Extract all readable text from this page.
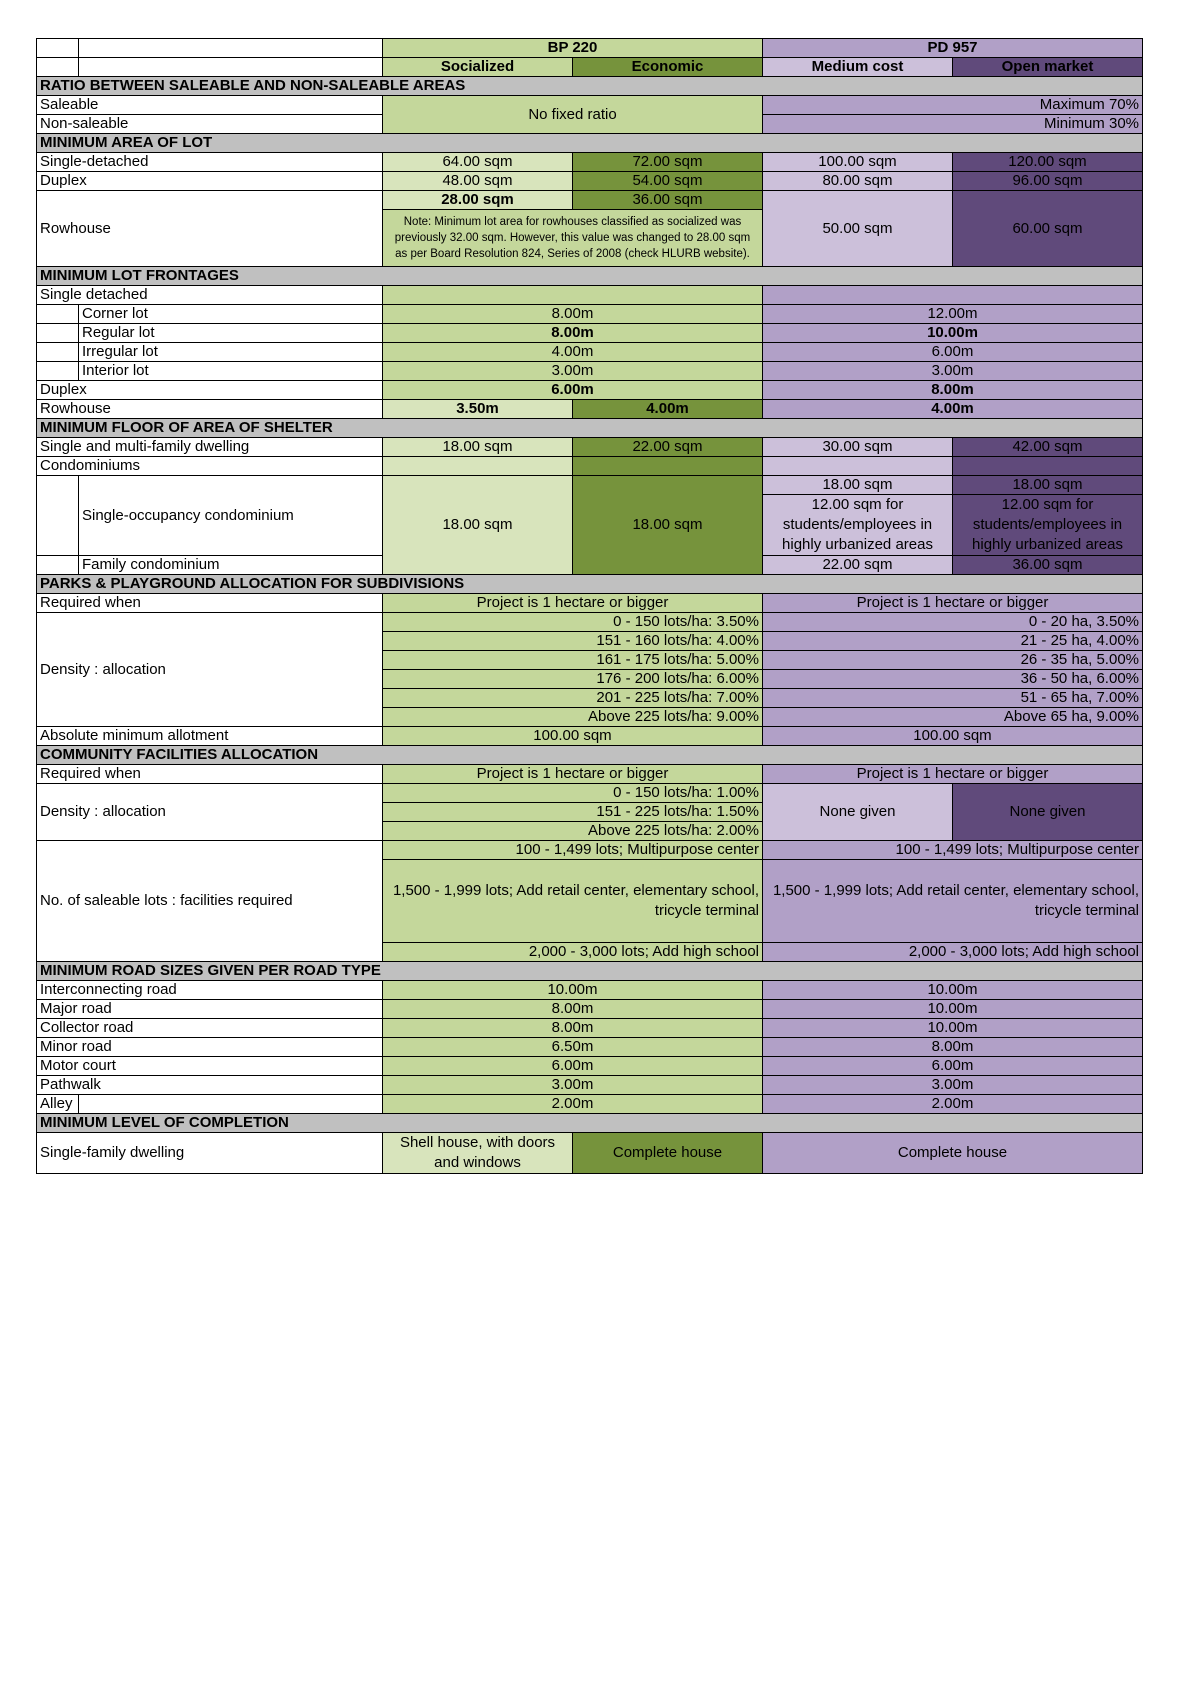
		BP 220		PD 957	
		Socialized	Economic	Medium cost	Open market
RATIO BETWEEN SALEABLE AND NON-SALEABLE AREAS					
Saleable		No fixed ratio		Maximum 70%	
Non-saleable				Minimum 30%	
MINIMUM AREA OF LOT					
Single-detached		64.00 sqm	72.00 sqm	100.00 sqm	120.00 sqm
Duplex		48.00 sqm	54.00 sqm	80.00 sqm	96.00 sqm
Rowhouse		28.00 sqm	36.00 sqm	50.00 sqm	60.00 sqm
		Note: Minimum lot area for rowhouses classified as socialized was previously 32.00 sqm. However, this value was changed to 28.00 sqm as per Board Resolution 824, Series of 2008 (check HLURB website).			
MINIMUM LOT FRONTAGES					
Single detached					
	Corner lot	8.00m		12.00m	
	Regular lot	8.00m		10.00m	
	Irregular lot	4.00m		6.00m	
	Interior lot	3.00m		3.00m	
Duplex		6.00m		8.00m	
Rowhouse		3.50m	4.00m	4.00m	
MINIMUM FLOOR OF AREA OF SHELTER					
Single and multi-family dwelling		18.00 sqm	22.00 sqm	30.00 sqm	42.00 sqm
Condominiums					
	Single-occupancy condominium	18.00 sqm	18.00 sqm	18.00 sqm	18.00 sqm
				12.00 sqm for students/employees in highly urbanized areas	12.00 sqm for students/employees in highly urbanized areas
	Family condominium			22.00 sqm	36.00 sqm
PARKS & PLAYGROUND ALLOCATION FOR SUBDIVISIONS					
Required when		Project is 1 hectare or bigger		Project is 1 hectare or bigger	
Density : allocation		0 - 150 lots/ha: 3.50%		0 - 20 ha, 3.50%	
		151 - 160 lots/ha: 4.00%		21 - 25 ha, 4.00%	
		161 - 175 lots/ha: 5.00%		26 - 35 ha, 5.00%	
		176 - 200 lots/ha: 6.00%		36 - 50 ha, 6.00%	
		201 - 225 lots/ha: 7.00%		51 - 65 ha, 7.00%	
		Above 225 lots/ha: 9.00%		Above 65 ha, 9.00%	
Absolute minimum allotment		100.00 sqm		100.00 sqm	
COMMUNITY FACILITIES ALLOCATION					
Required when		Project is 1 hectare or bigger		Project is 1 hectare or bigger	
Density : allocation		0 - 150 lots/ha: 1.00%		None given	None given
		151 - 225 lots/ha: 1.50%			
		Above 225 lots/ha: 2.00%			
No. of saleable lots : facilities required		100 - 1,499 lots; Multipurpose center		100 - 1,499 lots; Multipurpose center	
		1,500 - 1,999 lots; Add retail center, elementary school, tricycle terminal		1,500 - 1,999 lots; Add retail center, elementary school, tricycle terminal	
		2,000 - 3,000 lots; Add high school		2,000 - 3,000 lots; Add high school	
MINIMUM ROAD SIZES GIVEN PER ROAD TYPE					
Interconnecting road		10.00m		10.00m	
Major road		8.00m		10.00m	
Collector road		8.00m		10.00m	
Minor road		6.50m		8.00m	
Motor court		6.00m		6.00m	
Pathwalk		3.00m		3.00m	
Alley		2.00m		2.00m	
MINIMUM LEVEL OF COMPLETION					
Single-family dwelling		Shell house, with doors and windows	Complete house	Complete house	
